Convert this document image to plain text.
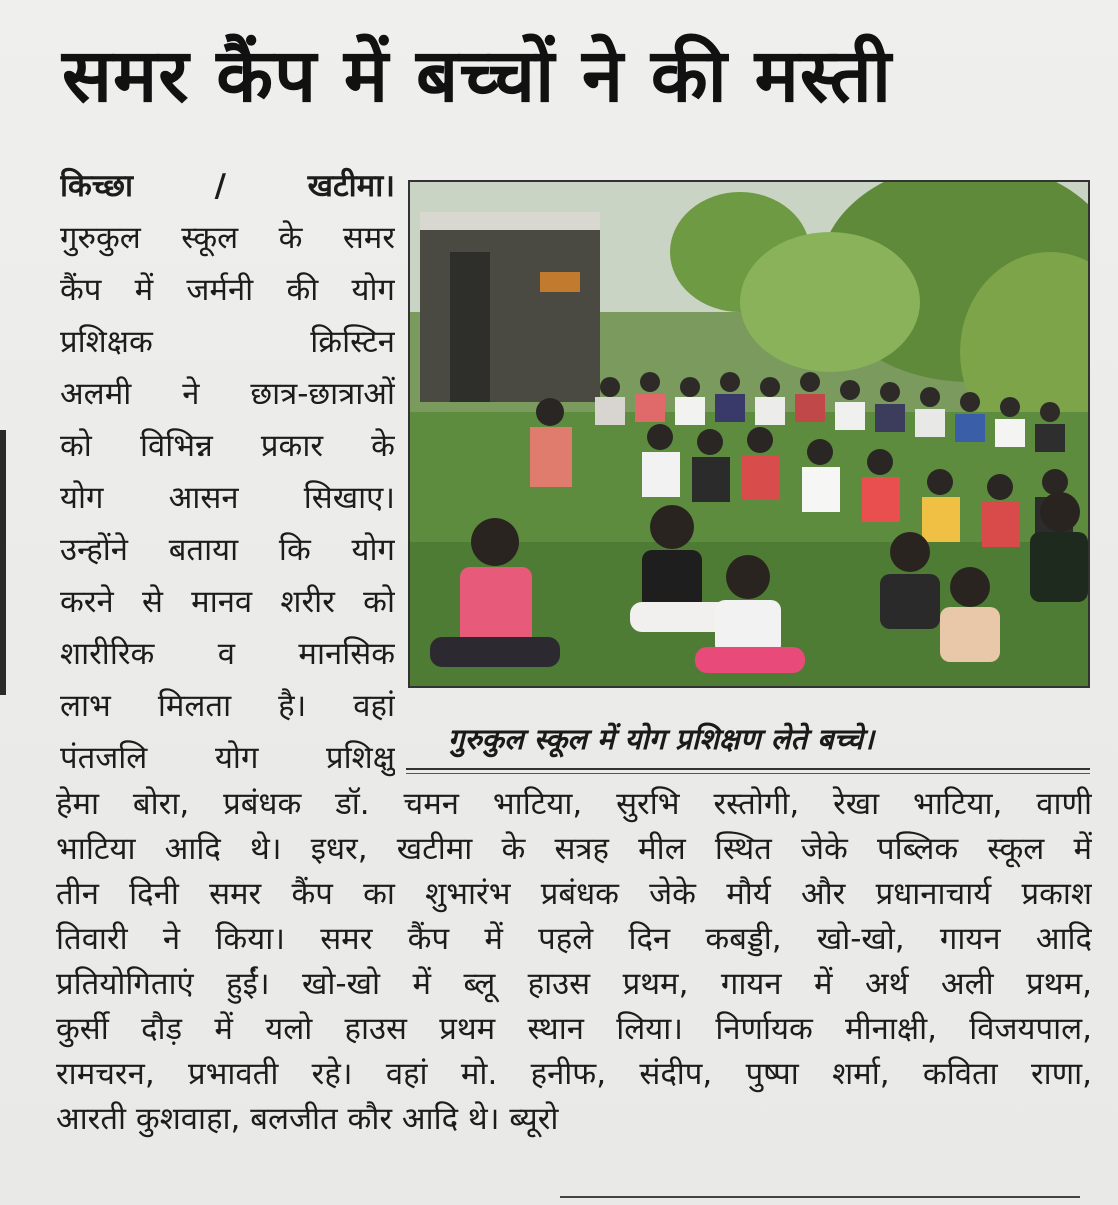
समर कैंप में बच्चों ने की मस्ती
किच्छा / खटीमा।
गुरुकुल स्कूल के समर
कैंप में जर्मनी की योग
प्रशिक्षक क्रिस्टिन
अलमी ने छात्र-छात्राओं
को विभिन्न प्रकार के
योग आसन सिखाए।
उन्होंने बताया कि योग
करने से मानव शरीर को
शारीरिक व मानसिक
लाभ मिलता है। वहां
पंतजलि योग प्रशिक्षु
गुरुकुल स्कूल में योग प्रशिक्षण लेते बच्चे।
हेमा बोरा, प्रबंधक डॉ. चमन भाटिया, सुरभि रस्तोगी, रेखा भाटिया, वाणी
भाटिया आदि थे। इधर, खटीमा के सत्रह मील स्थित जेके पब्लिक स्कूल में
तीन दिनी समर कैंप का शुभारंभ प्रबंधक जेके मौर्य और प्रधानाचार्य प्रकाश
तिवारी ने किया। समर कैंप में पहले दिन कबड्डी, खो-खो, गायन आदि
प्रतियोगिताएं हुईं। खो-खो में ब्लू हाउस प्रथम, गायन में अर्थ अली प्रथम,
कुर्सी दौड़ में यलो हाउस प्रथम स्थान लिया। निर्णायक मीनाक्षी, विजयपाल,
रामचरन, प्रभावती रहे। वहां मो. हनीफ, संदीप, पुष्पा शर्मा, कविता राणा,
आरती कुशवाहा, बलजीत कौर आदि थे। ब्यूरो
